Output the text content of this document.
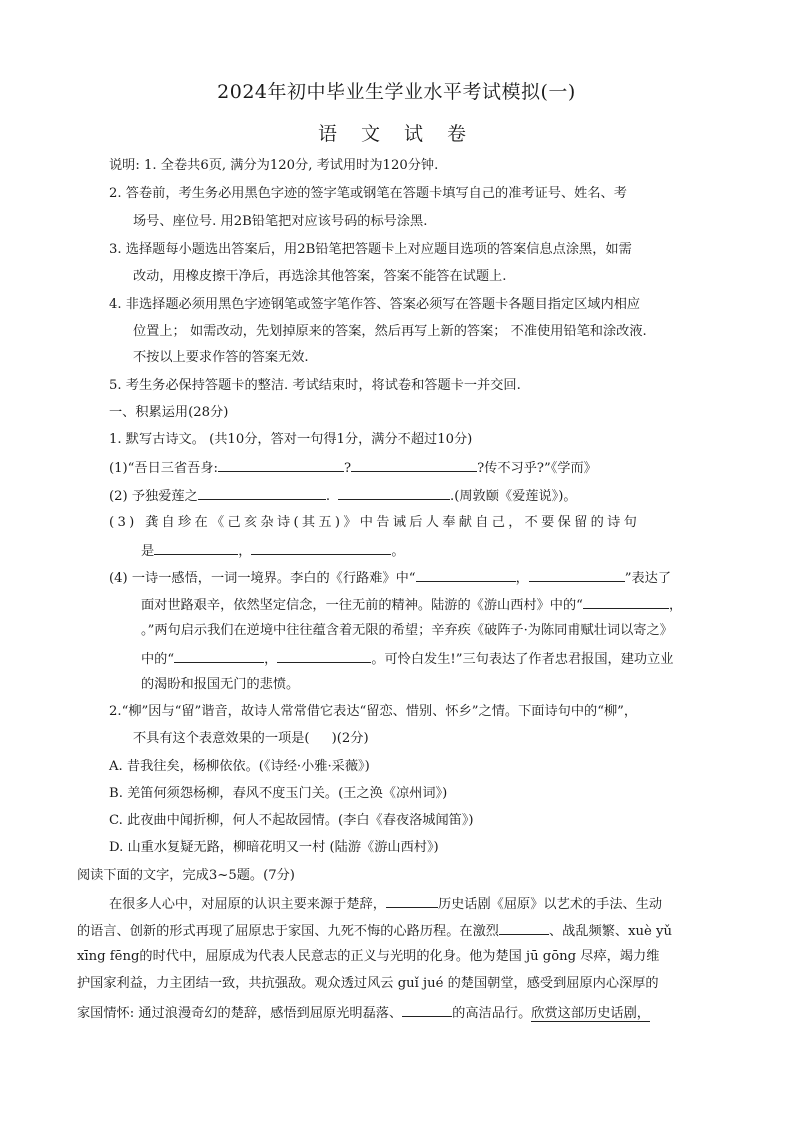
2024年初中毕业生学业水平考试模拟(一)
语 文 试 卷
说明: 1. 全卷共6页, 满分为120分, 考试用时为120分钟.
2. 答卷前，考生务必用黑色字迹的签字笔或钢笔在答题卡填写自己的准考证号、姓名、考
场号、座位号. 用2B铅笔把对应该号码的标号涂黑.
3. 选择题每小题选出答案后，用2B铅笔把答题卡上对应题目选项的答案信息点涂黑，如需
改动，用橡皮擦干净后，再选涂其他答案，答案不能答在试题上.
4. 非选择题必须用黑色字迹钢笔或签字笔作答、答案必须写在答题卡各题目指定区域内相应
位置上； 如需改动，先划掉原来的答案，然后再写上新的答案； 不准使用铅笔和涂改液.
不按以上要求作答的答案无效.
5. 考生务必保持答题卡的整洁. 考试结束时，将试卷和答题卡一并交回.
一、积累运用(28分)
1. 默写古诗文。 (共10分，答对一句得1分，满分不超过10分)
(1)“吾日三省吾身:	?	?传不习乎?”《学而》
(2) 予独爱莲之	.	.(周敦颐《爱莲说》)。
(3) 龚自珍在《己亥杂诗(其五)》中告诫后人奉献自己，不要保留的诗句
是	，	。
(4) 一诗一感悟，一词一境界。李白的《行路难》中“	，	”表达了
面对世路艰辛，依然坚定信念，一往无前的精神。陆游的《游山西村》中的“	，
。”两句启示我们在逆境中往往蕴含着无限的希望；辛弃疾《破阵子·为陈同甫赋壮词以寄之》
中的“	，	。可怜白发生!”三句表达了作者忠君报国，建功立业
的渴盼和报国无门的悲愤。
2.“柳”因与“留”谐音，故诗人常常借它表达“留恋、惜别、怀乡”之情。下面诗句中的“柳”，
不具有这个表意效果的一项是( )(2分)
A. 昔我往矣，杨柳依依。(《诗经·小雅·采薇》)
B. 羌笛何须怨杨柳，春风不度玉门关。(王之涣《凉州词》)
C. 此夜曲中闻折柳，何人不起故园情。(李白《春夜洛城闻笛》)
D. 山重水复疑无路，柳暗花明又一村 (陆游《游山西村》)
阅读下面的文字，完成3~5题。(7分)
在很多人心中，对屈原的认识主要来源于楚辞，	历史话剧《屈原》以艺术的手法、生动
的语言、创新的形式再现了屈原忠于家国、九死不悔的心路历程。在激烈	、战乱频繁、xuè yǔ
xīng fēng的时代中，屈原成为代表人民意志的正义与光明的化身。他为楚国 jū gōng 尽瘁，竭力维
护国家利益，力主团结一致，共抗强敌。观众透过风云 guǐ jué 的楚国朝堂，感受到屈原内心深厚的
家国情怀: 通过浪漫奇幻的楚辞，感悟到屈原光明磊落、	的高洁品行。欣赏这部历史话剧，
